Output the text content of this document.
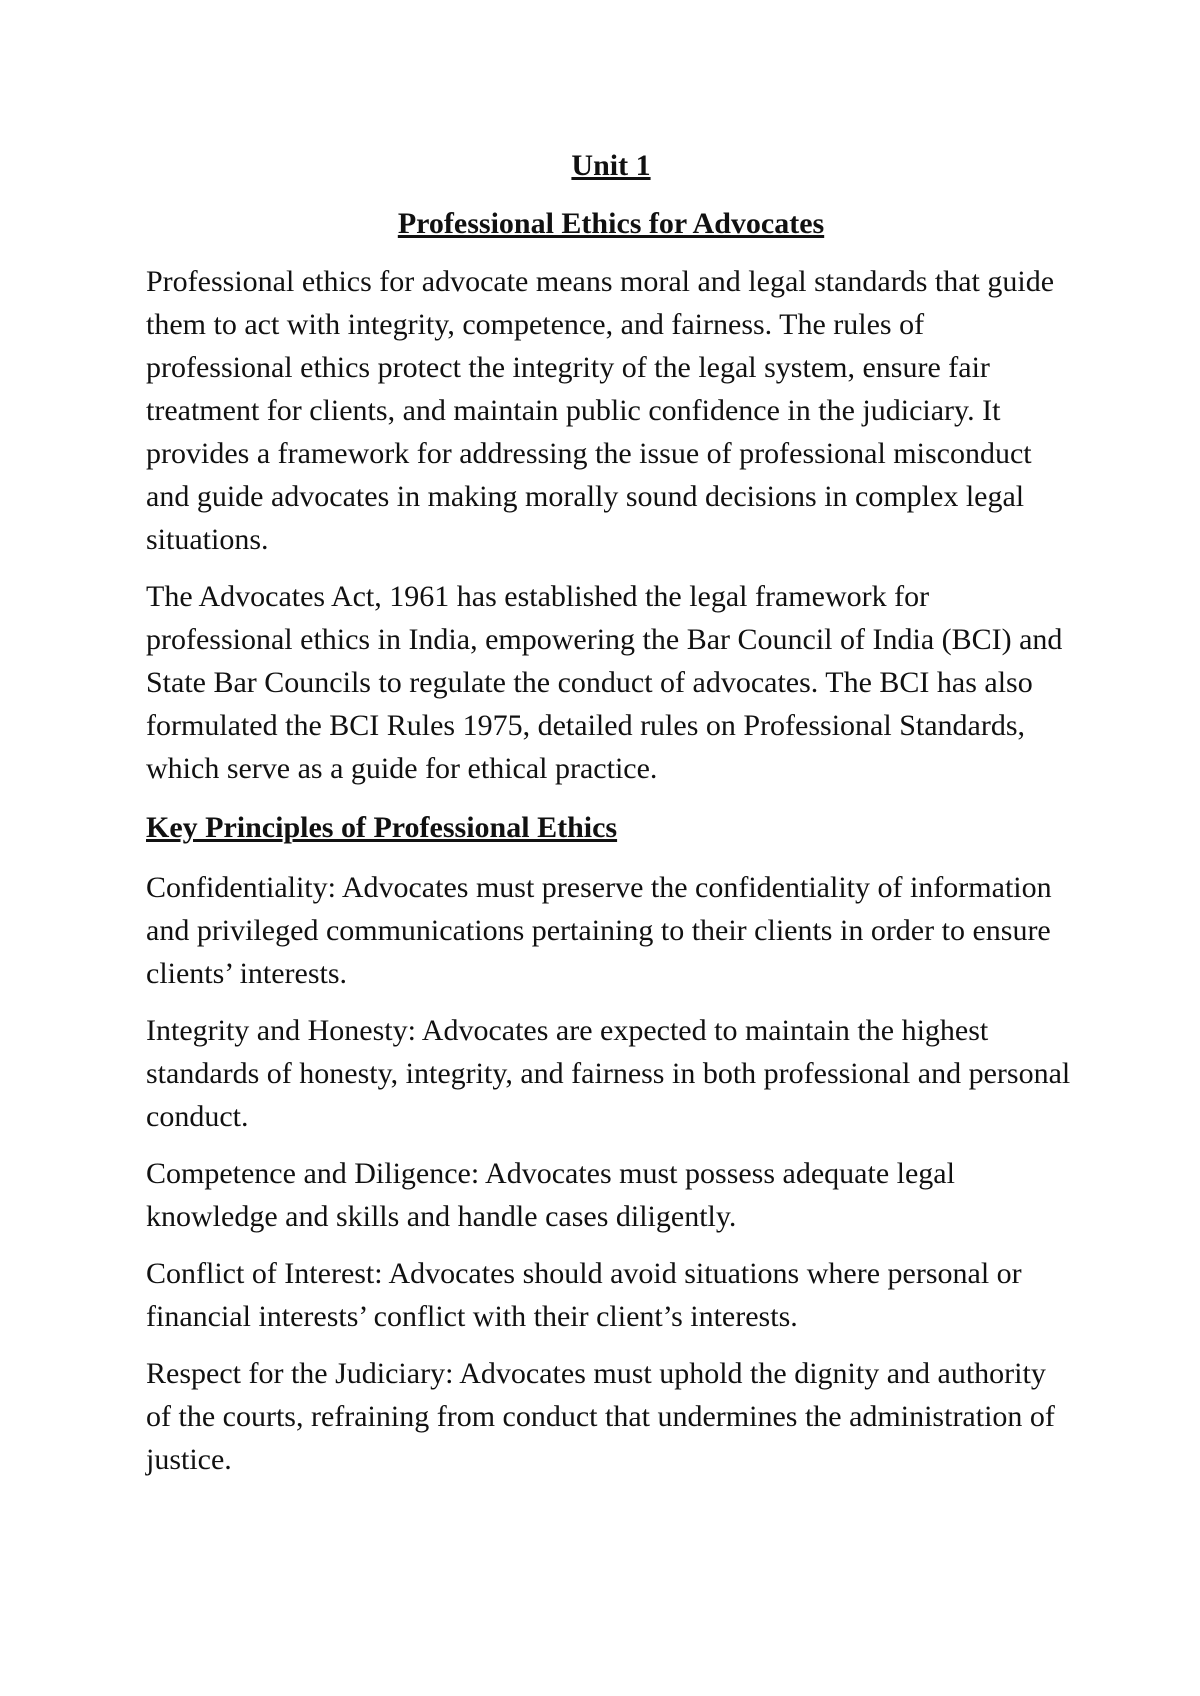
Unit 1
Professional Ethics for Advocates

Professional ethics for advocate means moral and legal standards that guide them to act with integrity, competence, and fairness. The rules of professional ethics protect the integrity of the legal system, ensure fair treatment for clients, and maintain public confidence in the judiciary. It provides a framework for addressing the issue of professional misconduct and guide advocates in making morally sound decisions in complex legal situations.

The Advocates Act, 1961 has established the legal framework for professional ethics in India, empowering the Bar Council of India (BCI) and State Bar Councils to regulate the conduct of advocates. The BCI has also formulated the BCI Rules 1975, detailed rules on Professional Standards, which serve as a guide for ethical practice.

Key Principles of Professional Ethics

Confidentiality: Advocates must preserve the confidentiality of information and privileged communications pertaining to their clients in order to ensure clients’ interests.

Integrity and Honesty: Advocates are expected to maintain the highest standards of honesty, integrity, and fairness in both professional and personal conduct.

Competence and Diligence: Advocates must possess adequate legal knowledge and skills and handle cases diligently.

Conflict of Interest: Advocates should avoid situations where personal or financial interests’ conflict with their client’s interests.

Respect for the Judiciary: Advocates must uphold the dignity and authority of the courts, refraining from conduct that undermines the administration of justice.
